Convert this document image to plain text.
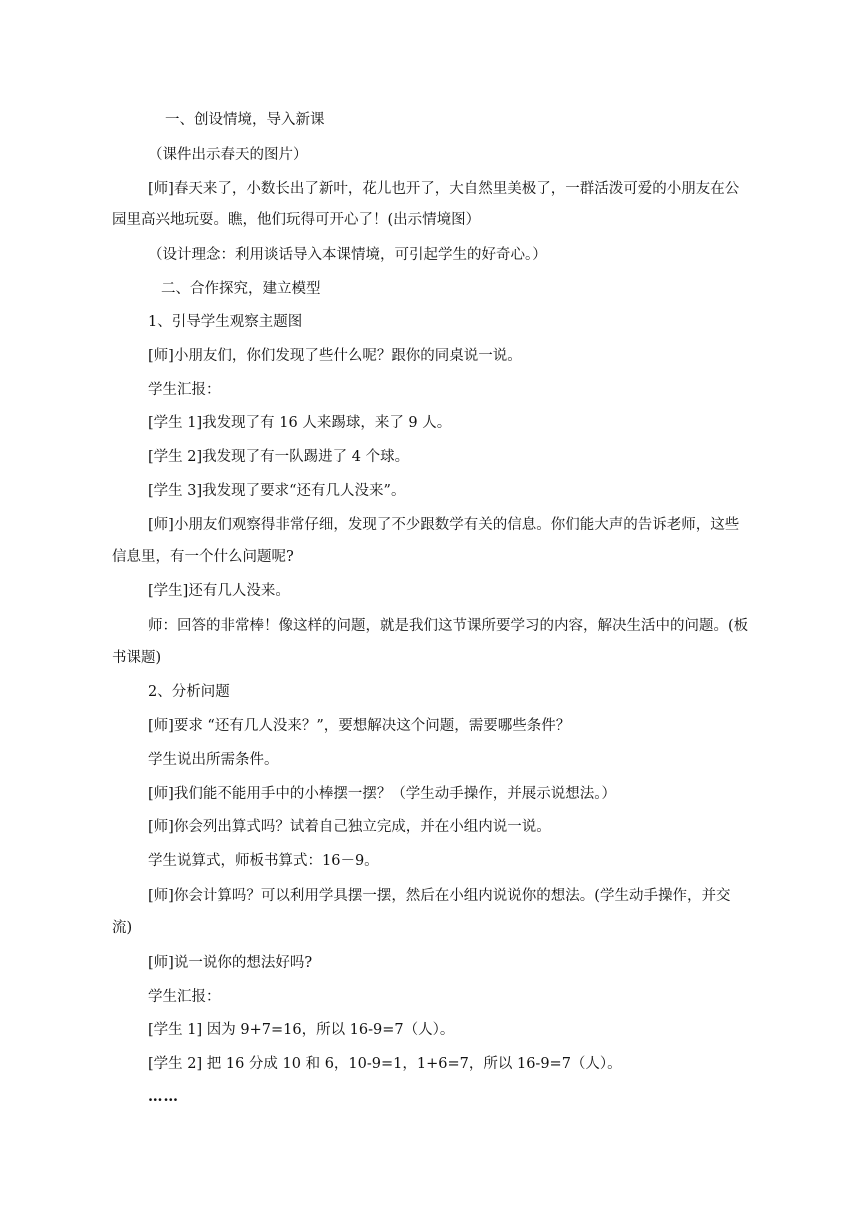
一、创设情境，导入新课
（课件出示春天的图片）
[师]春天来了，小数长出了新叶，花儿也开了，大自然里美极了，一群活泼可爱的小朋友在公
园里高兴地玩耍。瞧，他们玩得可开心了！(出示情境图）
（设计理念：利用谈话导入本课情境，可引起学生的好奇心。）
二、合作探究，建立模型
1、引导学生观察主题图
[师]小朋友们，你们发现了些什么呢？跟你的同桌说一说。
学生汇报：
[学生 1]我发现了有 16 人来踢球，来了 9 人。
[学生 2]我发现了有一队踢进了 4 个球。
[学生 3]我发现了要求“还有几人没来”。
[师]小朋友们观察得非常仔细，发现了不少跟数学有关的信息。你们能大声的告诉老师，这些
信息里，有一个什么问题呢?
[学生]还有几人没来。
师：回答的非常棒！像这样的问题，就是我们这节课所要学习的内容，解决生活中的问题。(板
书课题)
2、分析问题
[师]要求 “还有几人没来？”，要想解决这个问题，需要哪些条件？
学生说出所需条件。
[师]我们能不能用手中的小棒摆一摆？（学生动手操作，并展示说想法。）
[师]你会列出算式吗？试着自己独立完成，并在小组内说一说。
学生说算式，师板书算式：16－9。
[师]你会计算吗？可以利用学具摆一摆，然后在小组内说说你的想法。(学生动手操作，并交
流)
[师]说一说你的想法好吗?
学生汇报：
[学生 1] 因为 9+7=16，所以 16-9=7（人）。
[学生 2] 把 16 分成 10 和 6，10-9=1，1+6=7，所以 16-9=7（人）。
……
